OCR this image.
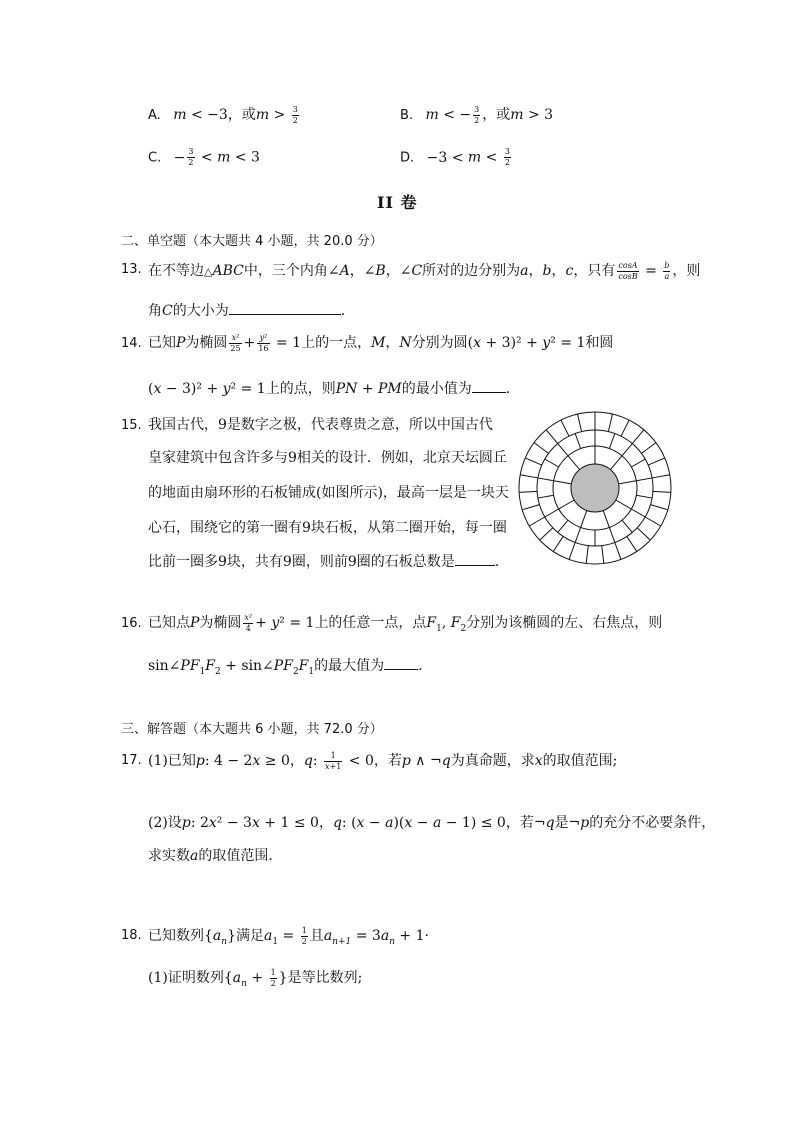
A. m < −3，或$m > \frac{3}{2}$	B. m < − $\frac{3}{2}$ ，或m > 3
C. − $\frac{3}{2} < m < 3$	D. $-3 < m < \frac{3}{2}$
II 卷
二、单空题（本大题共 4 小题，共 20.0 分）
13. 在不等边△ABC中，三个内角∠A，∠B，∠C所对的边分别为a，b，c，只有 $\frac{\cos A}{\cos B} = \frac{b}{a}$ ，则
角C的大小为	.
14. 已知P为椭圆 $\frac{\text{x²}}{25} + \frac{\text{y²}}{16} = 1$上的一点，M，N分别为圆(x + 3)² + y² = 1和圆
(x − 3)² + y² = 1上的点，则PN + PM的最小值为 .
15. 我国古代，9是数字之极，代表尊贵之意，所以中国古代
皇家建筑中包含许多与9相关的设计．例如，北京天坛圆丘
的地面由扇环形的石板铺成(如图所示)，最高一层是一块天
心石，围绕它的第一圈有9块石板，从第二圈开始，每一圈
比前一圈多9块，共有9圈，则前9圈的石板总数是	.
16. 已知点P为椭圆 $\frac{\text{x²}}{4} + y^2 = 1$上的任意一点，点$F_1$, $F_2$分别为该椭圆的左、右焦点，则
$\sin\angle PF_1F_2$ + $\sin\angle PF_2F_1$的最大值为 .
三、解答题（本大题共 6 小题，共 72.0 分）
17. (1)已知p: 4 − 2x ≥ 0，q: $\frac{1}{x+1} < 0$，若p ∧ ¬q为真命题，求x的取值范围;
(2)设p: 2x² − 3x + 1 ≤ 0，q: (x − a)(x − a − 1) ≤ 0，若¬q是¬p的充分不必要条件，
求实数a的取值范围．
18. 已知数列$\{a_n\}$满足$a_1 = \frac{1}{2}$ 且$a_{n+1} = 3a_n + 1\cdot$
(1)证明数列{$a_n + \frac{1}{2}$ }是等比数列;
